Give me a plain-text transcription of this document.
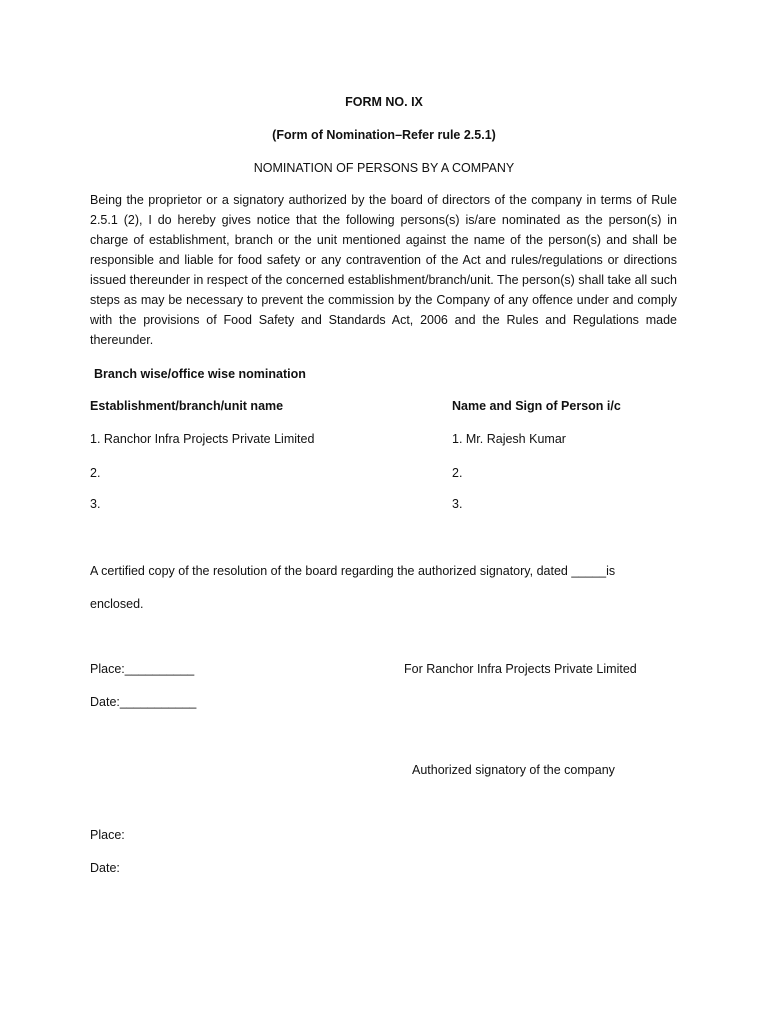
FORM NO. IX
(Form of Nomination–Refer rule 2.5.1)
NOMINATION OF PERSONS BY A COMPANY
Being the proprietor or a signatory authorized by the board of directors of the company in terms of Rule 2.5.1 (2), I do hereby gives notice that the following persons(s) is/are nominated as the person(s) in charge of establishment, branch or the unit mentioned against the name of the person(s) and shall be responsible and liable for food safety or any contravention of the Act and rules/regulations or directions issued thereunder in respect of the concerned establishment/branch/unit. The person(s) shall take all such steps as may be necessary to prevent the commission by the Company of any offence under and comply with the provisions of Food Safety and Standards Act, 2006 and the Rules and Regulations made thereunder.
Branch wise/office wise nomination
Establishment/branch/unit name	Name and Sign of Person i/c
1. Ranchor Infra Projects Private Limited	1. Mr. Rajesh Kumar
2.	2.
3.	3.
A certified copy of the resolution of the board regarding the authorized signatory, dated _____is
enclosed.
Place:__________	For Ranchor Infra Projects Private Limited
Date:___________
Authorized signatory of the company
Place:
Date:
